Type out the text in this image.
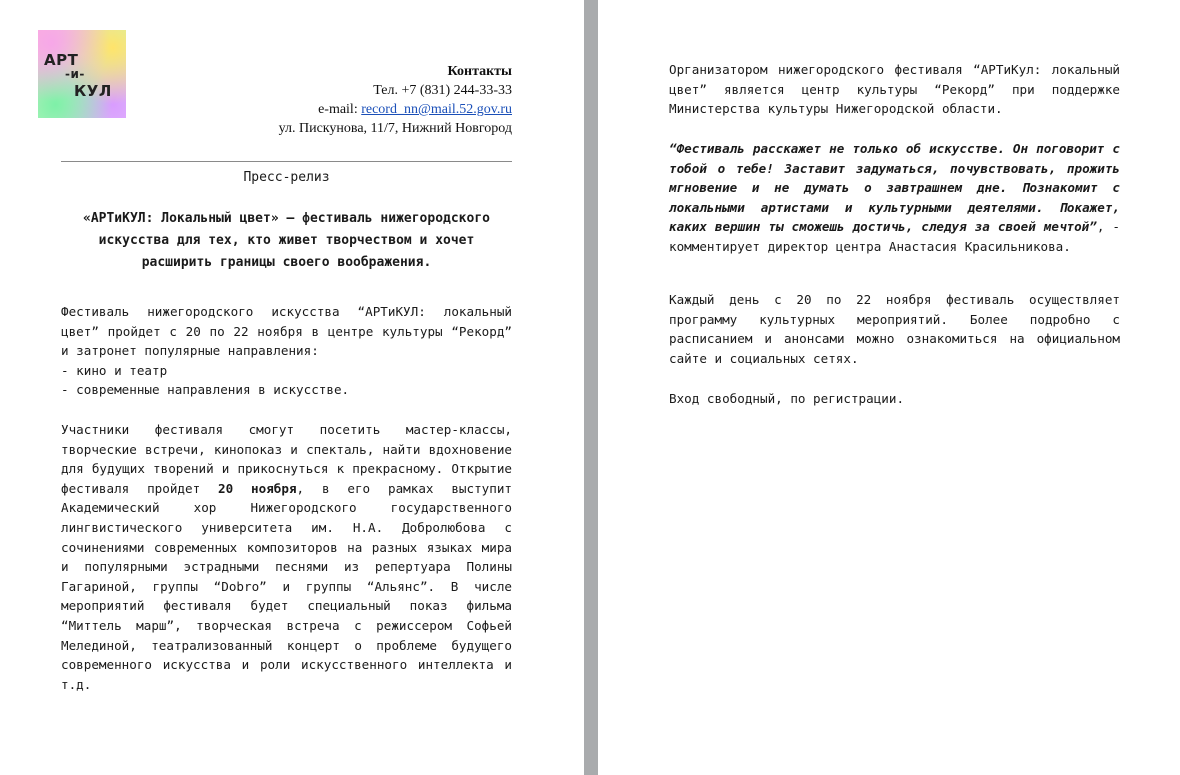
АРТ
-и-
КУЛ
Контакты
Тел. +7 (831) 244-33-33
e-mail: record_nn@mail.52.gov.ru
ул. Пискунова, 11/7, Нижний Новгород
Пресс-релиз
«АРТиКУЛ: Локальный цвет» — фестиваль нижегородского искусства для тех, кто живет творчеством и хочет расширить границы своего воображения.
Фестиваль нижегородского искусства “АРТиКУЛ: локальный цвет” пройдет с 20 по 22 ноября в центре культуры “Рекорд” и затронет популярные направления:
- кино и театр
- современные направления в искусстве.
Участники фестиваля смогут посетить мастер-классы, творческие встречи, кинопоказ и спекталь, найти вдохновение для будущих творений и прикоснуться к прекрасному. Открытие фестиваля пройдет 20 ноября, в его рамках выступит Академический хор Нижегородского государственного лингвистического университета им. Н.А. Добролюбова с сочинениями современных композиторов на разных языках мира и популярными эстрадными песнями из репертуара Полины Гагариной, группы “Dobro” и группы “Альянс”. В числе мероприятий фестиваля будет специальный показ фильма “Миттель марш”, творческая встреча с режиссером Софьей Мелединой, театрализованный концерт о проблеме будущего современного искусства и роли искусственного интеллекта и т.д.
Организатором нижегородского фестиваля “АРТиКул: локальный цвет” является центр культуры “Рекорд” при поддержке Министерства культуры Нижегородской области.
“Фестиваль расскажет не только об искусстве. Он поговорит с тобой о тебе! Заставит задуматься, почувствовать, прожить мгновение и не думать о завтрашнем дне. Познакомит с локальными артистами и культурными деятелями. Покажет, каких вершин ты сможешь достичь, следуя за своей мечтой”, - комментирует директор центра Анастасия Красильникова.
Каждый день с 20 по 22 ноября фестиваль осуществляет программу культурных мероприятий. Более подробно с расписанием и анонсами можно ознакомиться на официальном сайте и социальных сетях.
Вход свободный, по регистрации.
